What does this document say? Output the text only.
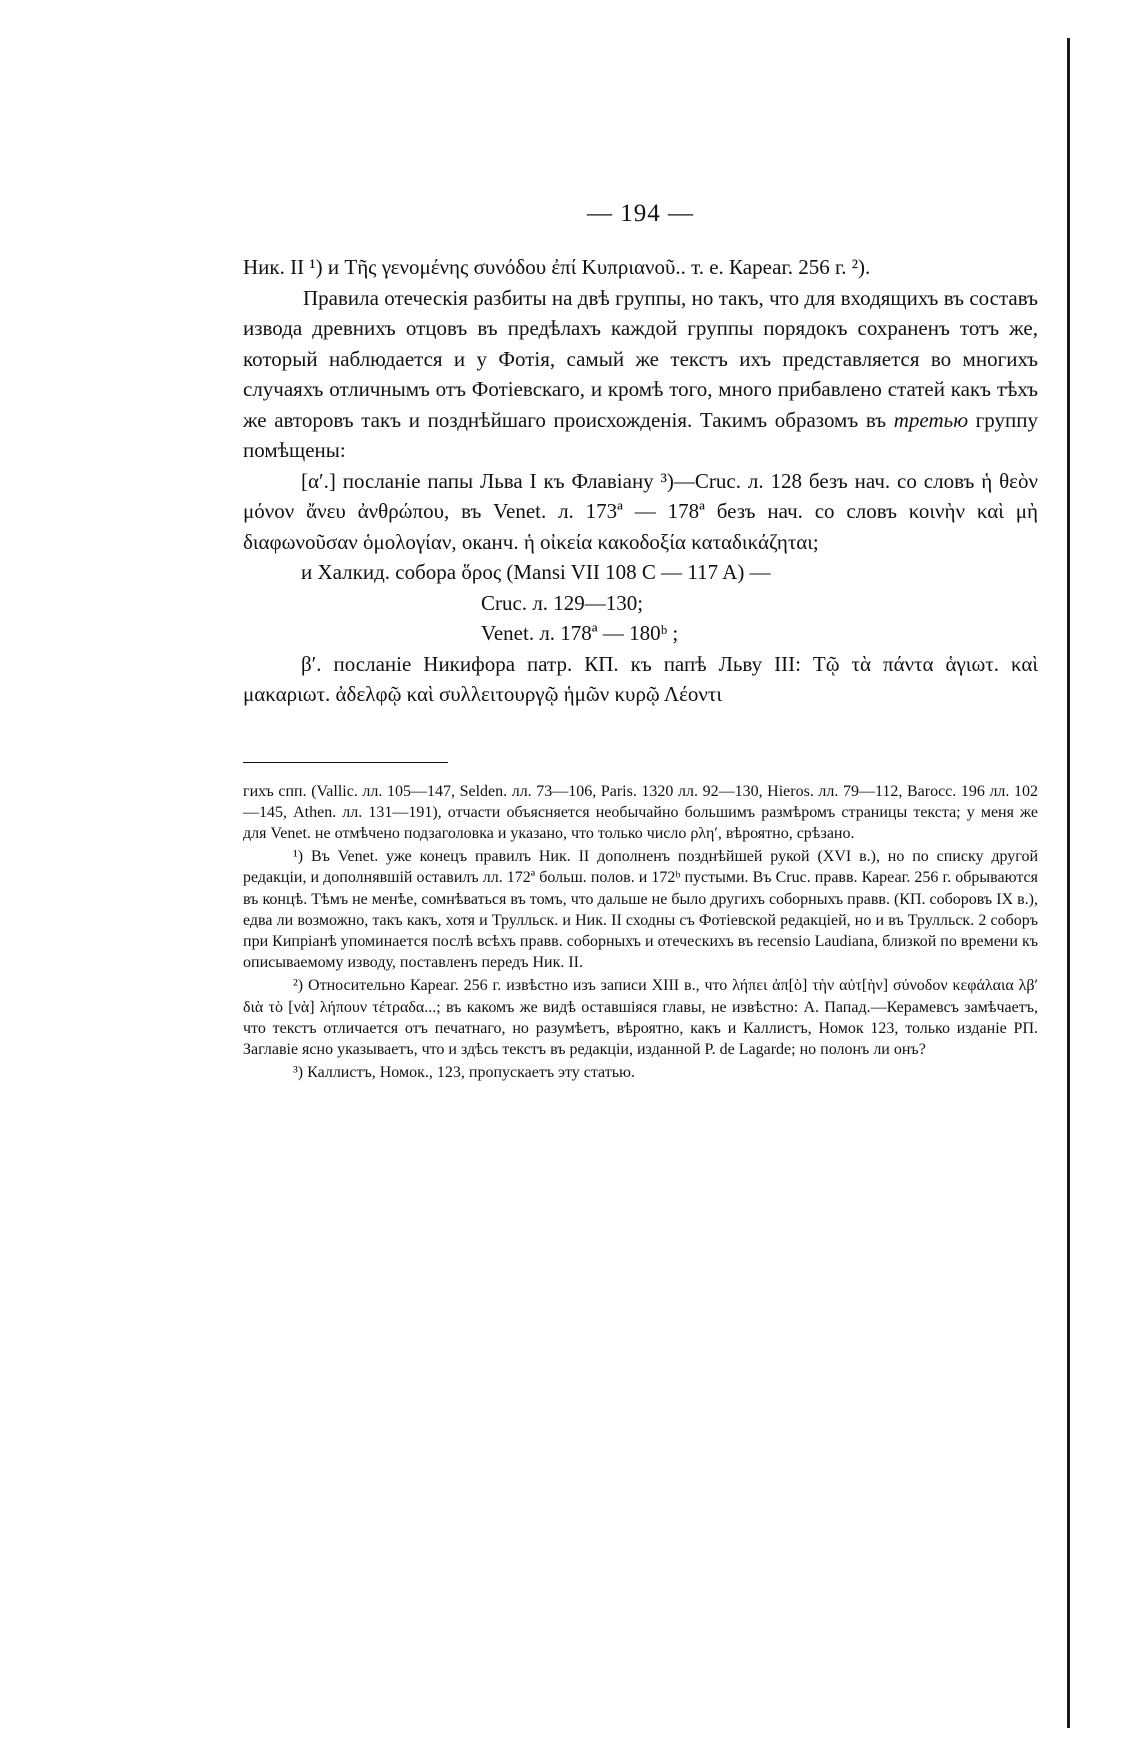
— 194 —

Ник. II ¹) и Τῆς γενομένης συνόδου ἐπί Κυπριανοῦ.. т. е. Кареаг. 256 г. ²).

Правила отеческія разбиты на двѣ группы, но такъ, что для входящихъ въ составъ извода древнихъ отцовъ въ предѣлахъ каждой группы порядокъ сохраненъ тотъ же, который наблюдается и у Фотія, самый же текстъ ихъ представляется во многихъ случаяхъ отличнымъ отъ Фотіевскаго, и кромѣ того, много прибавлено статей какъ тѣхъ же авторовъ такъ и позднѣйшаго происхожденія. Такимъ образомъ въ третью группу помѣщены:

[α′.] посланіе папы Льва I къ Флавіану ³)—Cruc. л. 128 безъ нач. со словъ ἡ θεὸν μόνον ἄνευ ἀνθρώπου, въ Venet. л. 173ª — 178ª безъ нач. со словъ κοινὴν καὶ μὴ διαφωνοῦσαν ὁμολογίαν, оканч. ἡ οἰκεία κακοδοξία καταδικάζηται;

и Халкид. собора ὅρος (Mansi VII 108 C — 117 A) —

Cruc. л. 129—130;

Venet. л. 178ª — 180ᵇ ;

β′. посланіе Никифора патр. КП. къ папѣ Льву III: Τῷ τὰ πάντα ἁγιωτ. καὶ μακαριωτ. ἀδελφῷ καὶ συλλειτουργῷ ἡμῶν κυρῷ Λέοντι

гихъ спп. (Vallic. лл. 105—147, Selden. лл. 73—106, Paris. 1320 лл. 92—130, Hieros. лл. 79—112, Barocc. 196 лл. 102—145, Athen. лл. 131—191), отчасти объясняется необычайно большимъ размѣромъ страницы текста; у меня же для Venet. не отмѣчено подзаголовка и указано, что только число ρλη′, вѣроятно, срѣзано.

¹) Въ Venet. уже конецъ правилъ Ник. II дополненъ позднѣйшей рукой (XVI в.), но по списку другой редакціи, и дополнявшій оставилъ лл. 172ª больш. полов. и 172ᵇ пустыми. Въ Cruc. правв. Кареаг. 256 г. обрываются въ концѣ. Тѣмъ не менѣе, сомнѣваться въ томъ, что дальше не было другихъ соборныхъ правв. (КП. соборовъ IX в.), едва ли возможно, такъ какъ, хотя и Трулльск. и Ник. II сходны съ Фотіевской редакціей, но и въ Трулльск. 2 соборъ при Кипріанѣ упоминается послѣ всѣхъ правв. соборныхъ и отеческихъ въ recensio Laudiana, близкой по времени къ описываемому изводу, поставленъ передъ Ник. II.

²) Относительно Кареаг. 256 г. извѣстно изъ записи XIII в., что λήπει ἀπ[ὸ] τὴν αὐτ[ὴν] σύνοδον κεφάλαια λβ′ διὰ τὸ [νὰ] λήπουν τέτραδα...; въ какомъ же видѣ оставшіяся главы, не извѣстно: А. Папад.—Керамевсъ замѣчаетъ, что текстъ отличается отъ печатнаго, но разумѣетъ, вѣроятно, какъ и Каллистъ, Номок 123, только изданіе РП. Заглавіе ясно указываетъ, что и здѣсь текстъ въ редакціи, изданной P. de Lagarde; но полонъ ли онъ?

³) Каллистъ, Номок., 123, пропускаетъ эту статью.
